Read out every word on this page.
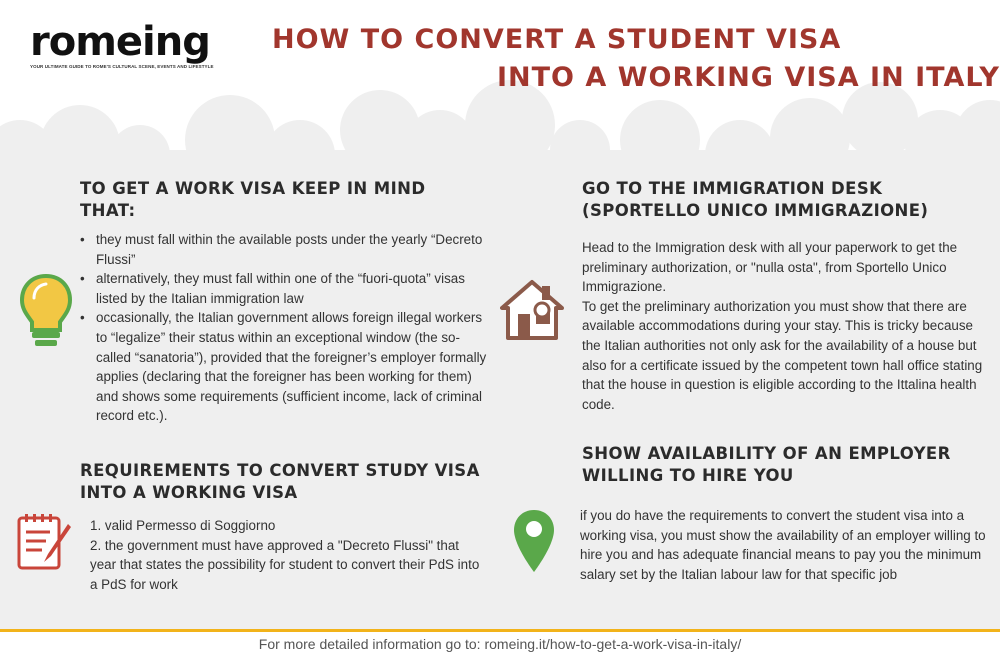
romeing
YOUR ULTIMATE GUIDE TO ROME'S CULTURAL SCENE, EVENTS AND LIFESTYLE
HOW TO CONVERT A STUDENT VISA
INTO A WORKING VISA IN ITALY
TO GET A WORK VISA KEEP IN MIND
THAT:
• they must fall within the available posts under the yearly “Decreto Flussi”
• alternatively, they must fall within one of the “fuori-quota” visas listed by the Italian immigration law
• occasionally, the Italian government allows foreign illegal workers to “legalize” their status within an exceptional window (the so-called “sanatoria”), provided that the foreigner’s employer formally applies (declaring that the foreigner has been working for them) and shows some requirements (sufficient income, lack of criminal record etc.).
REQUIREMENTS TO CONVERT STUDY VISA
INTO A WORKING VISA
1. valid Permesso di Soggiorno
2. the government must have approved a "Decreto Flussi" that year that states the possibility for student to convert their PdS into a PdS for work
GO TO THE IMMIGRATION DESK
(SPORTELLO UNICO IMMIGRAZIONE)
Head to the Immigration desk with all your paperwork to get the preliminary authorization, or "nulla osta", from Sportello Unico Immigrazione.
To get the preliminary authorization you must show that there are available accommodations during your stay. This is tricky because the Italian authorities not only ask for the availability of a house but also for a certificate issued by the competent town hall office stating that the house in question is eligible according to the Ittalina health code.
SHOW AVAILABILITY OF AN EMPLOYER
WILLING TO HIRE YOU
if you do have the requirements to convert the student visa into a working visa, you must show the availability of an employer willing to hire you and has adequate financial means to pay you the minimum salary set by the Italian labour law for that specific job
For more detailed information go to: romeing.it/how-to-get-a-work-visa-in-italy/
